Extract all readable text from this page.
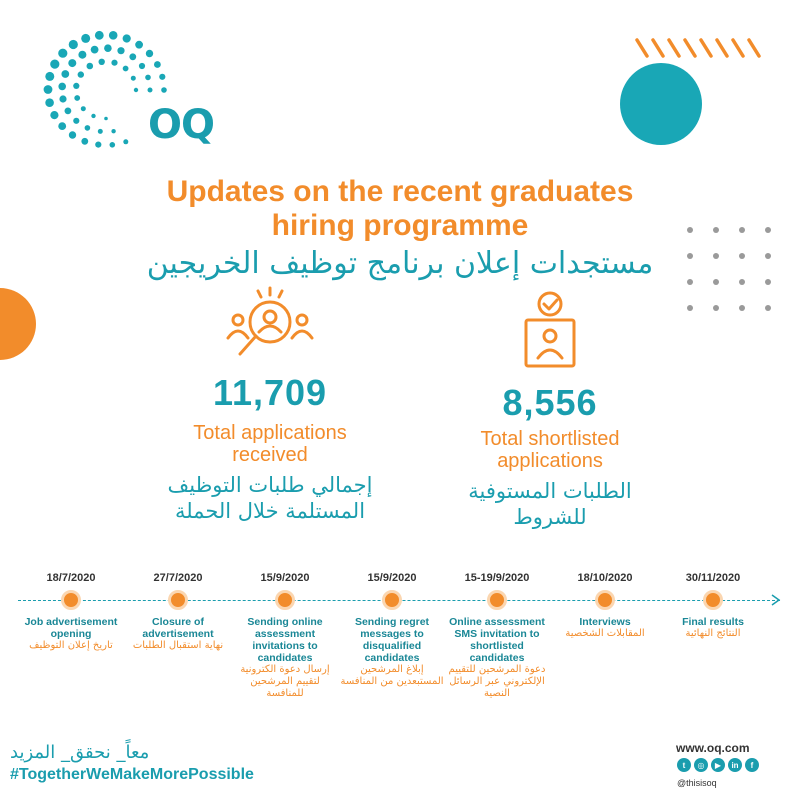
OQ
Updates on the recent graduates
hiring programme
مستجدات إعلان برنامج توظيف الخريجين
11,709
Total applications
received
إجمالي طلبات التوظيف
المستلمة خلال الحملة
8,556
Total shortlisted
applications
الطلبات المستوفية
للشروط
18/7/2020
Job advertisement opening
تاريخ إعلان التوظيف
27/7/2020
Closure of advertisement
نهاية استقبال الطلبات
15/9/2020
Sending online assessment invitations to candidates
إرسال دعوة الكترونية لتقييم المرشحين للمنافسة
15/9/2020
Sending regret messages to disqualified candidates
إبلاغ المرشحين المستبعدين من المنافسة
15-19/9/2020
Online assessment SMS invitation to shortlisted candidates
دعوة المرشحين للتقييم الإلكتروني عبر الرسائل النصية
18/10/2020
Interviews
المقابلات الشخصية
30/11/2020
Final results
النتائج النهائية
معاً_ نحقق_ المزيد
#TogetherWeMakeMorePossible
www.oq.com
t	◎	▶	in	f
@thisisoq
